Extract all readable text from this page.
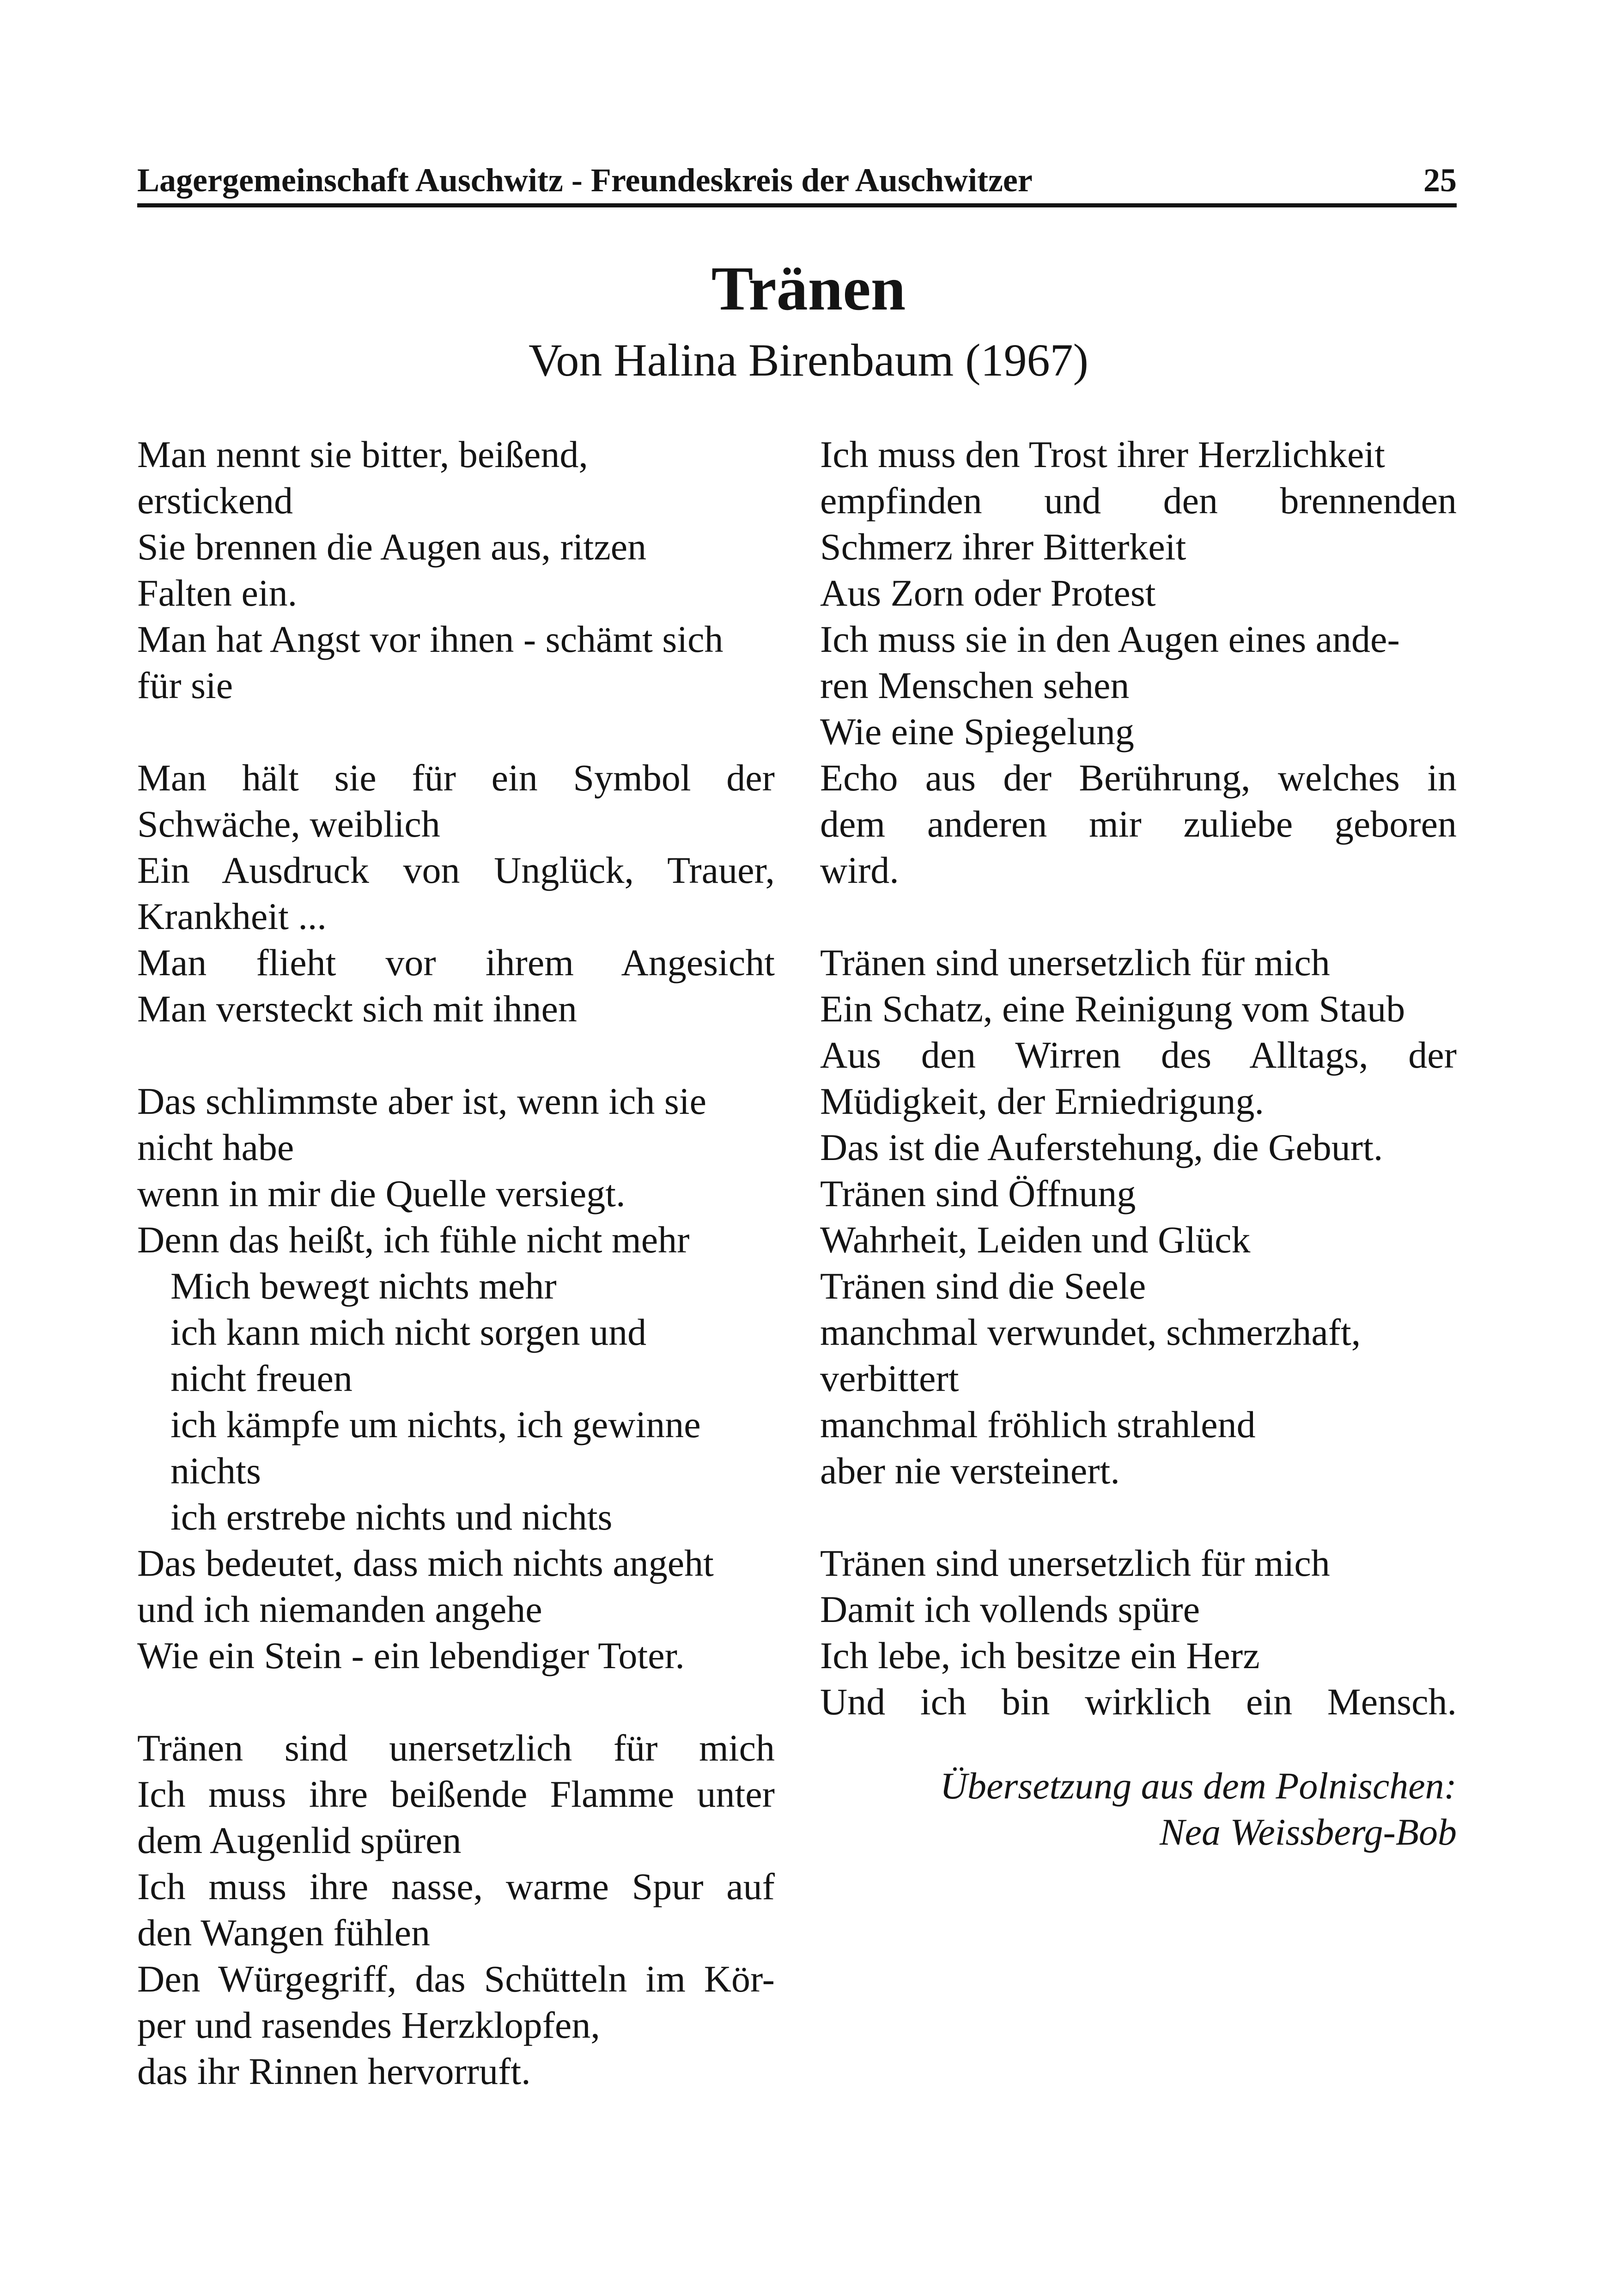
Lagergemeinschaft Auschwitz - Freundeskreis der Auschwitzer	25
Tränen
Von Halina Birenbaum (1967)
Man nennt sie bitter, beißend,
erstickend
Sie brennen die Augen aus, ritzen
Falten ein.
Man hat Angst vor ihnen - schämt sich
für sie
Man hält sie für ein Symbol der
Schwäche, weiblich
Ein Ausdruck von Unglück, Trauer,
Krankheit ...
Man flieht vor ihrem Angesicht
Man versteckt sich mit ihnen
Das schlimmste aber ist, wenn ich sie
nicht habe
wenn in mir die Quelle versiegt.
Denn das heißt, ich fühle nicht mehr
Mich bewegt nichts mehr
ich kann mich nicht sorgen und
nicht freuen
ich kämpfe um nichts, ich gewinne
nichts
ich erstrebe nichts und nichts
Das bedeutet, dass mich nichts angeht
und ich niemanden angehe
Wie ein Stein - ein lebendiger Toter.
Tränen sind unersetzlich für mich
Ich muss ihre beißende Flamme unter
dem Augenlid spüren
Ich muss ihre nasse, warme Spur auf
den Wangen fühlen
Den Würgegriff, das Schütteln im Kör-
per und rasendes Herzklopfen,
das ihr Rinnen hervorruft.
Ich muss den Trost ihrer Herzlichkeit
empfinden und den brennenden
Schmerz ihrer Bitterkeit
Aus Zorn oder Protest
Ich muss sie in den Augen eines ande-
ren Menschen sehen
Wie eine Spiegelung
Echo aus der Berührung, welches in
dem anderen mir zuliebe geboren
wird.
Tränen sind unersetzlich für mich
Ein Schatz, eine Reinigung vom Staub
Aus den Wirren des Alltags, der
Müdigkeit, der Erniedrigung.
Das ist die Auferstehung, die Geburt.
Tränen sind Öffnung
Wahrheit, Leiden und Glück
Tränen sind die Seele
manchmal verwundet, schmerzhaft,
verbittert
manchmal fröhlich strahlend
aber nie versteinert.
Tränen sind unersetzlich für mich
Damit ich vollends spüre
Ich lebe, ich besitze ein Herz
Und ich bin wirklich ein Mensch.
Übersetzung aus dem Polnischen:
Nea Weissberg-Bob
